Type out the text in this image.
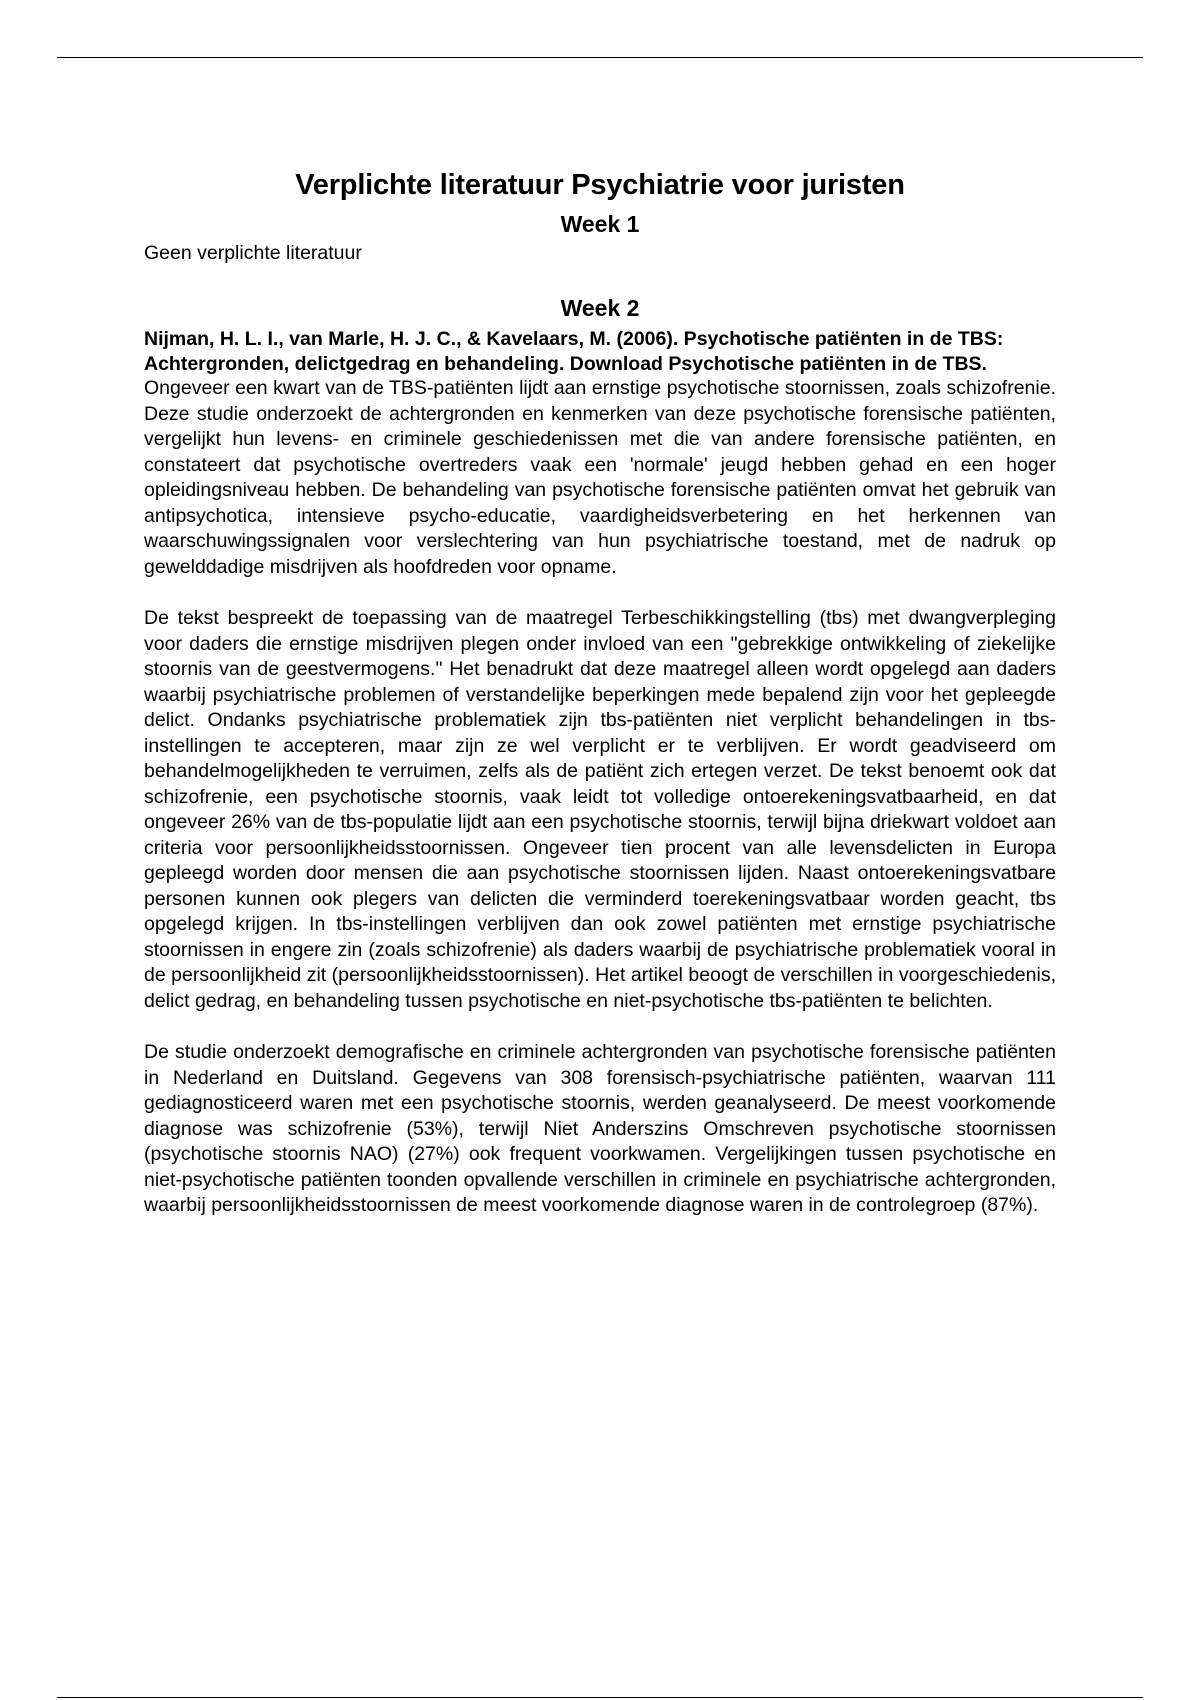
Verplichte literatuur Psychiatrie voor juristen
Week 1

Geen verplichte literatuur

Week 2

Nijman, H. L. I., van Marle, H. J. C., & Kavelaars, M. (2006). Psychotische patiënten in de TBS: Achtergronden, delictgedrag en behandeling. Download Psychotische patiënten in de TBS.

Ongeveer een kwart van de TBS-patiënten lijdt aan ernstige psychotische stoornissen, zoals schizofrenie. Deze studie onderzoekt de achtergronden en kenmerken van deze psychotische forensische patiënten, vergelijkt hun levens- en criminele geschiedenissen met die van andere forensische patiënten, en constateert dat psychotische overtreders vaak een 'normale' jeugd hebben gehad en een hoger opleidingsniveau hebben. De behandeling van psychotische forensische patiënten omvat het gebruik van antipsychotica, intensieve psycho-educatie, vaardigheidsverbetering en het herkennen van waarschuwingssignalen voor verslechtering van hun psychiatrische toestand, met de nadruk op gewelddadige misdrijven als hoofdreden voor opname.

De tekst bespreekt de toepassing van de maatregel Terbeschikkingstelling (tbs) met dwangverpleging voor daders die ernstige misdrijven plegen onder invloed van een "gebrekkige ontwikkeling of ziekelijke stoornis van de geestvermogens." Het benadrukt dat deze maatregel alleen wordt opgelegd aan daders waarbij psychiatrische problemen of verstandelijke beperkingen mede bepalend zijn voor het gepleegde delict. Ondanks psychiatrische problematiek zijn tbs-patiënten niet verplicht behandelingen in tbs-instellingen te accepteren, maar zijn ze wel verplicht er te verblijven. Er wordt geadviseerd om behandelmogelijkheden te verruimen, zelfs als de patiënt zich ertegen verzet. De tekst benoemt ook dat schizofrenie, een psychotische stoornis, vaak leidt tot volledige ontoerekeningsvatbaarheid, en dat ongeveer 26% van de tbs-populatie lijdt aan een psychotische stoornis, terwijl bijna driekwart voldoet aan criteria voor persoonlijkheidsstoornissen. Ongeveer tien procent van alle levensdelicten in Europa gepleegd worden door mensen die aan psychotische stoornissen lijden. Naast ontoerekeningsvatbare personen kunnen ook plegers van delicten die verminderd toerekeningsvatbaar worden geacht, tbs opgelegd krijgen. In tbs-instellingen verblijven dan ook zowel patiënten met ernstige psychiatrische stoornissen in engere zin (zoals schizofrenie) als daders waarbij de psychiatrische problematiek vooral in de persoonlijkheid zit (persoonlijkheidsstoornissen). Het artikel beoogt de verschillen in voorgeschiedenis, delict gedrag, en behandeling tussen psychotische en niet-psychotische tbs-patiënten te belichten.

De studie onderzoekt demografische en criminele achtergronden van psychotische forensische patiënten in Nederland en Duitsland. Gegevens van 308 forensisch-psychiatrische patiënten, waarvan 111 gediagnosticeerd waren met een psychotische stoornis, werden geanalyseerd. De meest voorkomende diagnose was schizofrenie (53%), terwijl Niet Anderszins Omschreven psychotische stoornissen (psychotische stoornis NAO) (27%) ook frequent voorkwamen. Vergelijkingen tussen psychotische en niet-psychotische patiënten toonden opvallende verschillen in criminele en psychiatrische achtergronden, waarbij persoonlijkheidsstoornissen de meest voorkomende diagnose waren in de controlegroep (87%).
